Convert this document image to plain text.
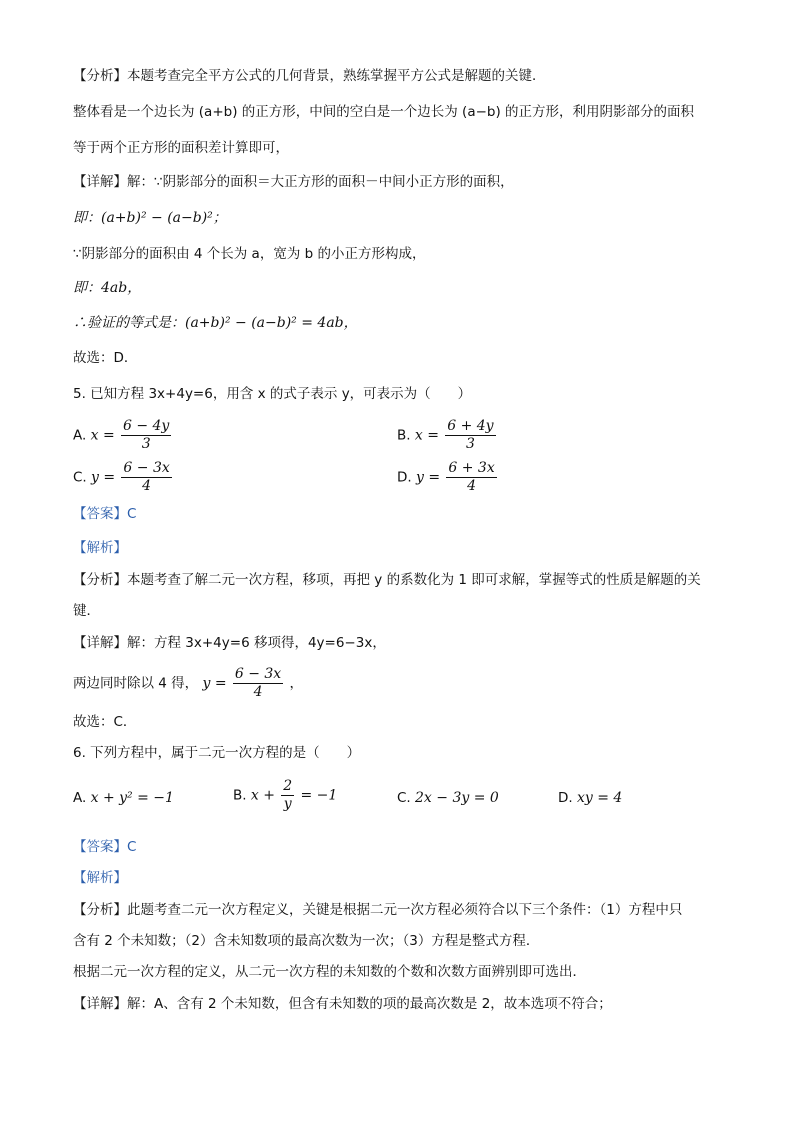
【分析】本题考查完全平方公式的几何背景，熟练掌握平方公式是解题的关键．
整体看是一个边长为 (a+b) 的正方形，中间的空白是一个边长为 (a−b) 的正方形，利用阴影部分的面积
等于两个正方形的面积差计算即可，
【详解】解：∵阴影部分的面积＝大正方形的面积－中间小正方形的面积，
即：(a+b)² − (a−b)²；
∵阴影部分的面积由 4 个长为 a，宽为 b 的小正方形构成，
即：4ab，
∴验证的等式是：(a+b)² − (a−b)² = 4ab，
故选：D．
5. 已知方程 3x+4y=6，用含 x 的式子表示 y，可表示为（　　）
A. $x = \frac{6 - 4y}{3}$	B. $x = \frac{6 + 4y}{3}$
C. $y = \frac{6 - 3x}{4}$	D. $y = \frac{6 + 3x}{4}$
【答案】C
【解析】
【分析】本题考查了解二元一次方程，移项，再把 y 的系数化为 1 即可求解，掌握等式的性质是解题的关
键．
【详解】解：方程 3x+4y=6 移项得，4y=6−3x，
两边同时除以 4 得， $y = \frac{6 - 3x}{4}$ ，
故选：C．
6. 下列方程中，属于二元一次方程的是（　　）
A. x + y² = −1	B. $x + \frac{2}{y} = -1$	C. 2x − 3y = 0	D. xy = 4
【答案】C
【解析】
【分析】此题考查二元一次方程定义，关键是根据二元一次方程必须符合以下三个条件：（1）方程中只
含有 2 个未知数；（2）含未知数项的最高次数为一次；（3）方程是整式方程．
根据二元一次方程的定义，从二元一次方程的未知数的个数和次数方面辨别即可选出．
【详解】解：A、含有 2 个未知数，但含有未知数的项的最高次数是 2，故本选项不符合；
